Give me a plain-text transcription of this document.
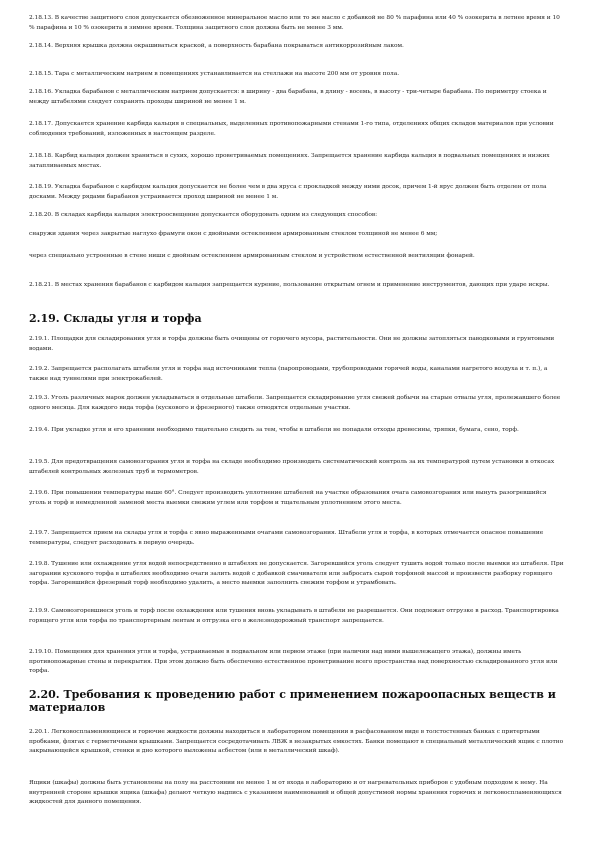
2.18.13. В качестве защитного слоя допускается обезвоженное минеральное масло или то же масло с добавкой не 80 % парафина или 40 % озокерита в летнее время и 10 % парафина и 10 % озокерита в зимнее время. Толщина защитного слоя должна быть не менее 3 мм.

2.18.14. Верхняя крышка должна окрашиваться краской, а поверхность барабана покрываться антикоррозийным лаком.

2.18.15. Тара с металлическим натрием в помещениях устанавливается на стеллажи на высоте 200 мм от уровня пола.

2.18.16. Укладка барабанов с металлическим натрием допускается: в ширину - два барабана, в длину - восемь, в высоту - три-четыре барабана. По периметру стоека и между штабелями следует сохранять проходы шириной не менее 1 м.

2.18.17. Допускается хранение карбида кальция в специальных, выделенных противопожарными стенами 1-го типа, отделениях общих складов материалов при условии соблюдения требований, изложенных в настоящем разделе.

2.18.18. Карбид кальция должен храниться в сухих, хорошо проветриваемых помещениях. Запрещается хранение карбида кальция в подвальных помещениях и низких затапливаемых местах.

2.18.19. Укладка барабанов с карбидом кальция допускается не более чем в два яруса с прокладкой между ними досок, причем 1-й ярус должен быть отделен от пола досками. Между рядами барабанов устраивается проход шириной не менее 1 м.

2.18.20. В складах карбида кальция электроосвещение допускается оборудовать одним из следующих способов:

снаружи здания через закрытые наглухо фрамуги окон с двойными остеклением армированным стеклом толщиной не менее 6 мм;

через специально устроенные в стене ниши с двойным остеклением армированным стеклом и устройством естественной вентиляции фонарей.

2.18.21. В местах хранения барабанов с карбидом кальция запрещается курение, пользование открытым огнем и применение инструментов, дающих при ударе искры.

2.19. Склады угля и торфа

2.19.1. Площадки для складирования угля и торфа должны быть очищены от горючего мусора, растительности. Они не должны затопляться паводковыми и грунтовыми водами.

2.19.2. Запрещается располагать штабели угля и торфа над источниками тепла (паропроводами, трубопроводами горячей воды, каналами нагретого воздуха и т. п.), а также над туннелями при электрокабелей.

2.19.3. Уголь различных марок должен укладываться в отдельные штабели. Запрещается складирование угля свежей добычи на старые отвалы угля, пролежавшего более одного месяца. Для каждого вида торфа (кускового и фрезерного) также отводятся отдельные участки.

2.19.4. При укладке угля и его хранении необходимо тщательно следить за тем, чтобы в штабели не попадали отходы древесины, тряпки, бумага, сено, торф.

2.19.5. Для предотвращения самовозгорания угля и торфа на складе необходимо производить систематический контроль за их температурой путем установки в откосах штабелей контрольных железных труб и термометров.

2.19.6. При повышении температуры выше 60°. Следует производить уплотнение штабелей на участке образования очага самовозгорания или вынуть разогревшийся уголь и торф и немедленной заменой места выемки свежим углем или торфом и тщательным уплотнением этого места.

2.19.7. Запрещается прием на склады угля и торфа с явно выраженными очагами самовозгорания. Штабели угля и торфа, в которых отмечается опасное повышение температуры, следует расходовать в первую очередь.

2.19.8. Тушение или охлаждение угля водой непосредственно в штабелях не допускается. Загоревшийся уголь следует тушить водой только после выемки из штабеля. При загорании кускового торфа в штабелях необходимо очаги залить водой с добавкой смачивателя или забросать сырой торфяной массой и произвести разборку горящего торфа. Загоревшийся фрезерный торф необходимо удалить, а место выемки заполнить свежим торфом и утрамбовать.

2.19.9. Самовозгоревшиеся уголь и торф после охлаждения или тушения вновь укладывать в штабели не разрешается. Они подлежат отгрузке в расход. Транспортировка горящего угля или торфа по транспортерным лентам и отгрузка его в железнодорожный транспорт запрещается.

2.19.10. Помещения для хранения угля и торфа, устраиваемые в подвальном или первом этаже (при наличии над ними вышележащего этажа), должны иметь противопожарные стены и перекрытия. При этом должно быть обеспечено естественное проветривание всего пространства над поверхностью складированного угля или торфа.

2.20. Требования к проведению работ с применением пожароопасных веществ и материалов

2.20.1. Легковоспламеняющиеся и горючие жидкости должны находиться в лабораторном помещении в расфасованном виде в толстостенных банках с притертыми пробками, флягах с герметичными крышками. Запрещается сосредотачивать ЛВЖ в незакрытых емкостях. Банки помещают в специальный металлический ящик с плотно закрывающейся крышкой, стенки и дно которого выложены асбестом (или в металлический шкаф).

Ящики (шкафы) должны быть установлены на полу на расстоянии не менее 1 м от входа в лабораторию и от нагревательных приборов с удобным подходом к нему. На внутренней стороне крышки ящика (шкафа) делают четкую надпись с указанием наименований и общей допустимой нормы хранения горючих и легковоспламеняющихся жидкостей для данного помещения.
